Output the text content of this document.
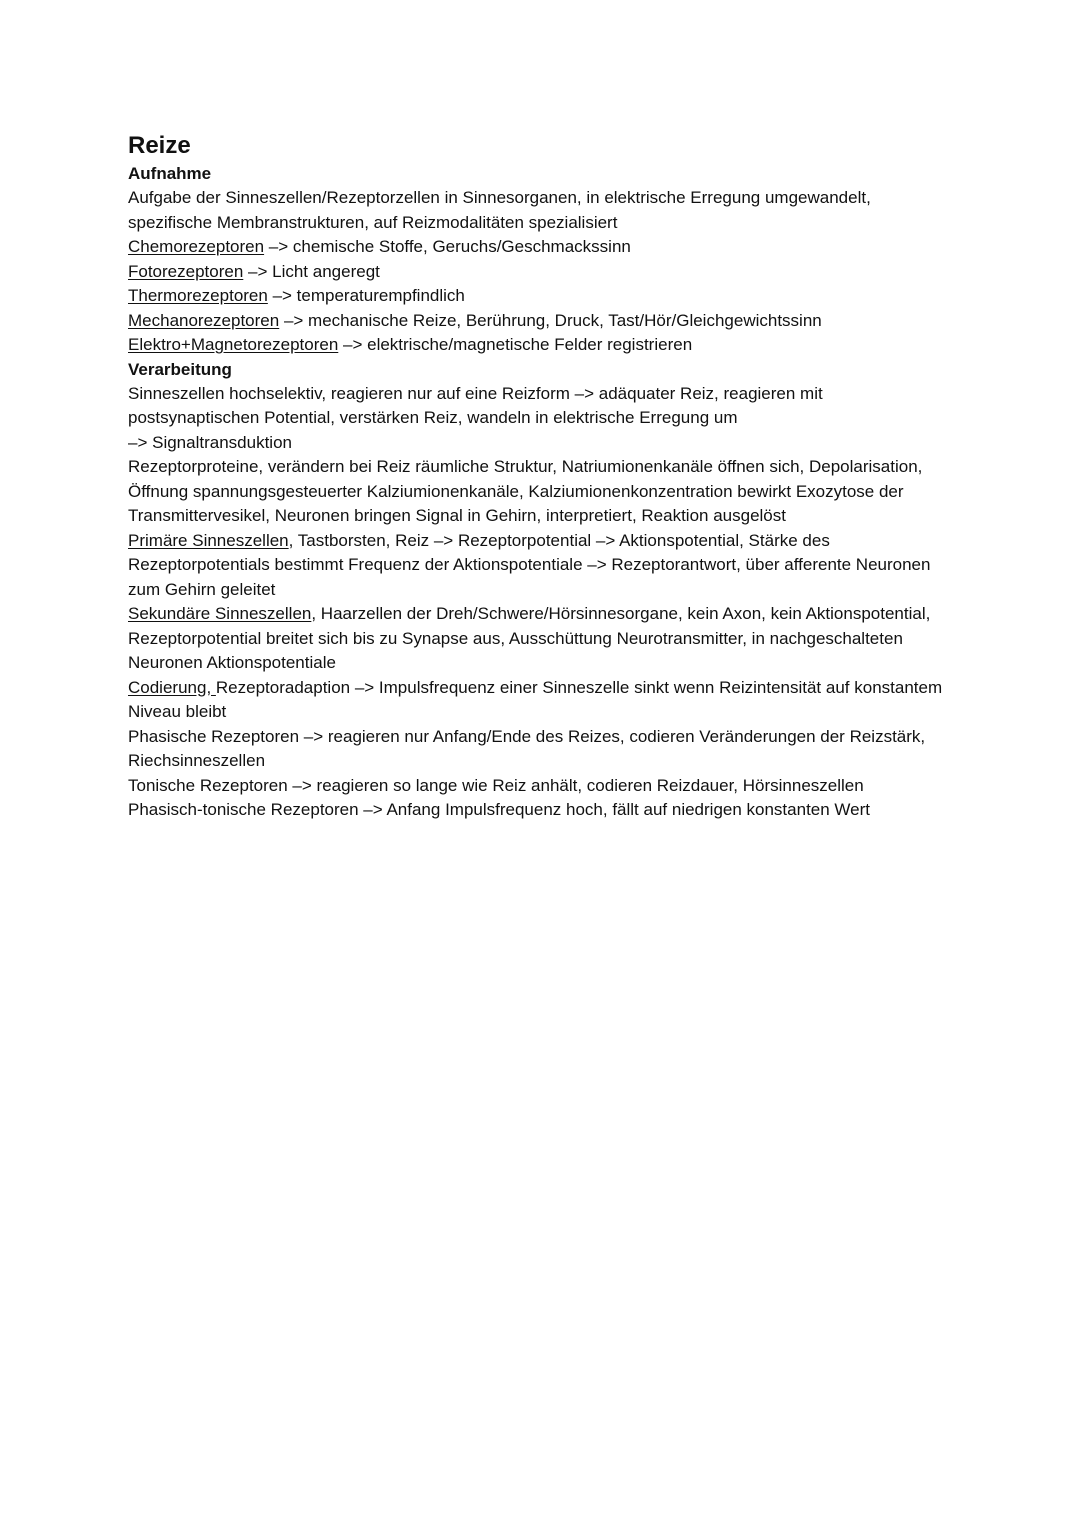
Reize
Aufnahme

Aufgabe der Sinneszellen/Rezeptorzellen in Sinnesorganen, in elektrische Erregung umgewandelt, spezifische Membranstrukturen, auf Reizmodalitäten spezialisiert

Chemorezeptoren –> chemische Stoffe, Geruchs/Geschmackssinn

Fotorezeptoren –> Licht angeregt

Thermorezeptoren –> temperaturempfindlich

Mechanorezeptoren –> mechanische Reize, Berührung, Druck, Tast/Hör/Gleichgewichtssinn

Elektro+Magnetorezeptoren –> elektrische/magnetische Felder registrieren

Verarbeitung

Sinneszellen hochselektiv, reagieren nur auf eine Reizform –> adäquater Reiz, reagieren mit postsynaptischen Potential, verstärken Reiz, wandeln in elektrische Erregung um

–> Signaltransduktion

Rezeptorproteine, verändern bei Reiz räumliche Struktur, Natriumionenkanäle öffnen sich, Depolarisation, Öffnung spannungsgesteuerter Kalziumionenkanäle, Kalziumionenkonzentration bewirkt Exozytose der Transmittervesikel, Neuronen bringen Signal in Gehirn, interpretiert, Reaktion ausgelöst

Primäre Sinneszellen, Tastborsten, Reiz –> Rezeptorpotential –> Aktionspotential, Stärke des Rezeptorpotentials bestimmt Frequenz der Aktionspotentiale –> Rezeptorantwort, über afferente Neuronen zum Gehirn geleitet

Sekundäre Sinneszellen, Haarzellen der Dreh/Schwere/Hörsinnesorgane, kein Axon, kein Aktionspotential, Rezeptorpotential breitet sich bis zu Synapse aus, Ausschüttung Neurotransmitter, in nachgeschalteten Neuronen Aktionspotentiale

Codierung, Rezeptoradaption –> Impulsfrequenz einer Sinneszelle sinkt wenn Reizintensität auf konstantem Niveau bleibt

Phasische Rezeptoren –> reagieren nur Anfang/Ende des Reizes, codieren Veränderungen der Reizstärk, Riechsinneszellen

Tonische Rezeptoren –> reagieren so lange wie Reiz anhält, codieren Reizdauer, Hörsinneszellen

Phasisch-tonische Rezeptoren –> Anfang Impulsfrequenz hoch, fällt auf niedrigen konstanten Wert
